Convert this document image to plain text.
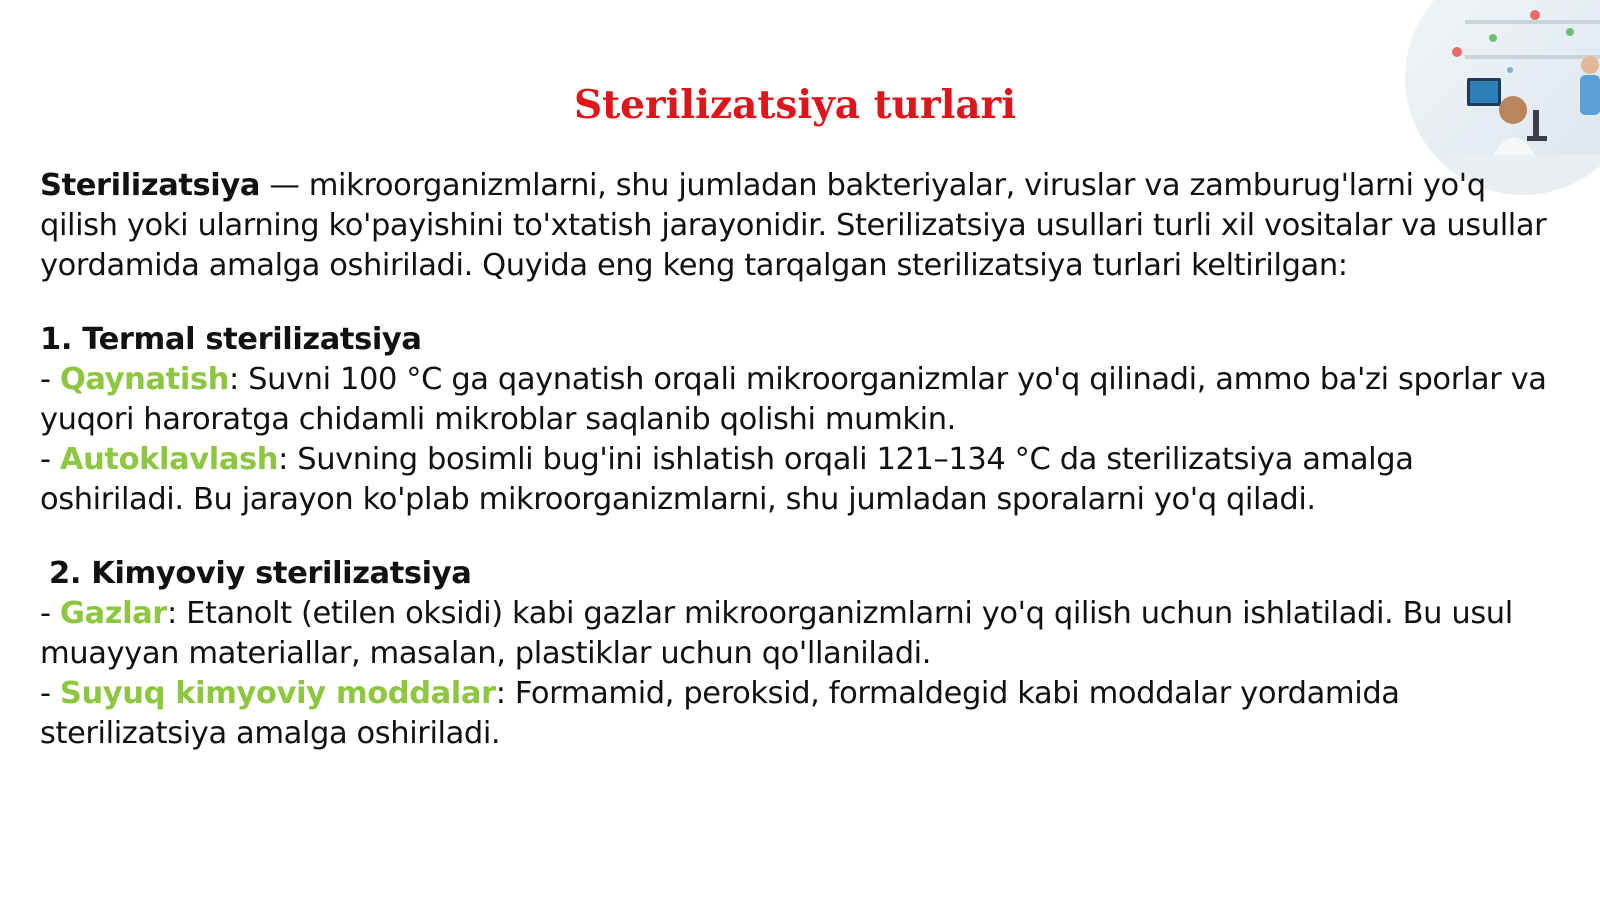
Sterilizatsiya turlari

Sterilizatsiya — mikroorganizmlarni, shu jumladan bakteriyalar, viruslar va zamburug'larni yo'q qilish yoki ularning ko'payishini to'xtatish jarayonidir. Sterilizatsiya usullari turli xil vositalar va usullar yordamida amalga oshiriladi. Quyida eng keng tarqalgan sterilizatsiya turlari keltirilgan:

1. Termal sterilizatsiya

- Qaynatish: Suvni 100 °C ga qaynatish orqali mikroorganizmlar yo'q qilinadi, ammo ba'zi sporlar va yuqori haroratga chidamli mikroblar saqlanib qolishi mumkin.

- Autoklavlash: Suvning bosimli bug'ini ishlatish orqali 121–134 °C da sterilizatsiya amalga oshiriladi. Bu jarayon ko'plab mikroorganizmlarni, shu jumladan sporalarni yo'q qiladi.

2. Kimyoviy sterilizatsiya

- Gazlar: Etanolt (etilen oksidi) kabi gazlar mikroorganizmlarni yo'q qilish uchun ishlatiladi. Bu usul muayyan materiallar, masalan, plastiklar uchun qo'llaniladi.

- Suyuq kimyoviy moddalar: Formamid, peroksid, formaldegid kabi moddalar yordamida sterilizatsiya amalga oshiriladi.
